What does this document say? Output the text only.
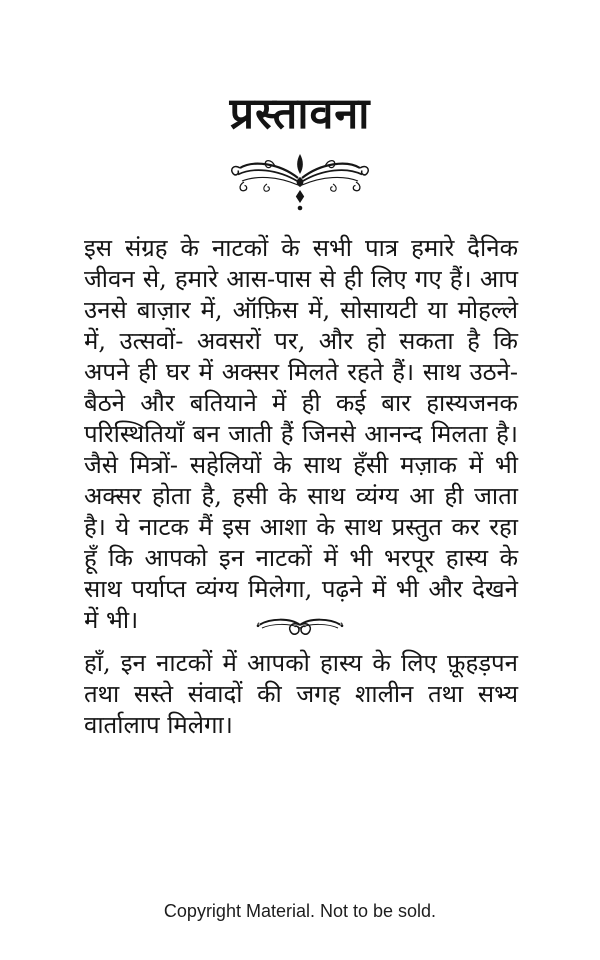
प्रस्तावना

इस संग्रह के नाटकों के सभी पात्र हमारे दैनिक जीवन से, हमारे आस-पास से ही लिए गए हैं। आप उनसे बाज़ार में, ऑफ़िस में, सोसायटी या मोहल्ले में, उत्सवों- अवसरों पर, और हो सकता है कि अपने ही घर में अक्सर मिलते रहते हैं। साथ उठने- बैठने और बतियाने में ही कई बार हास्यजनक परिस्थितियाँ बन जाती हैं जिनसे आनन्द मिलता है। जैसे मित्रों- सहेलियों के साथ हँसी मज़ाक में भी अक्सर होता है, हसी के साथ व्यंग्य आ ही जाता है। ये नाटक मैं इस आशा के साथ प्रस्तुत कर रहा हूँ कि आपको इन नाटकों में भी भरपूर हास्य के साथ पर्याप्त व्यंग्य मिलेगा, पढ़ने में भी और देखने में भी।

हाँ, इन नाटकों में आपको हास्य के लिए फ़ूहड़पन तथा सस्ते संवादों की जगह शालीन तथा सभ्य वार्तालाप मिलेगा।

Copyright Material. Not to be sold.
